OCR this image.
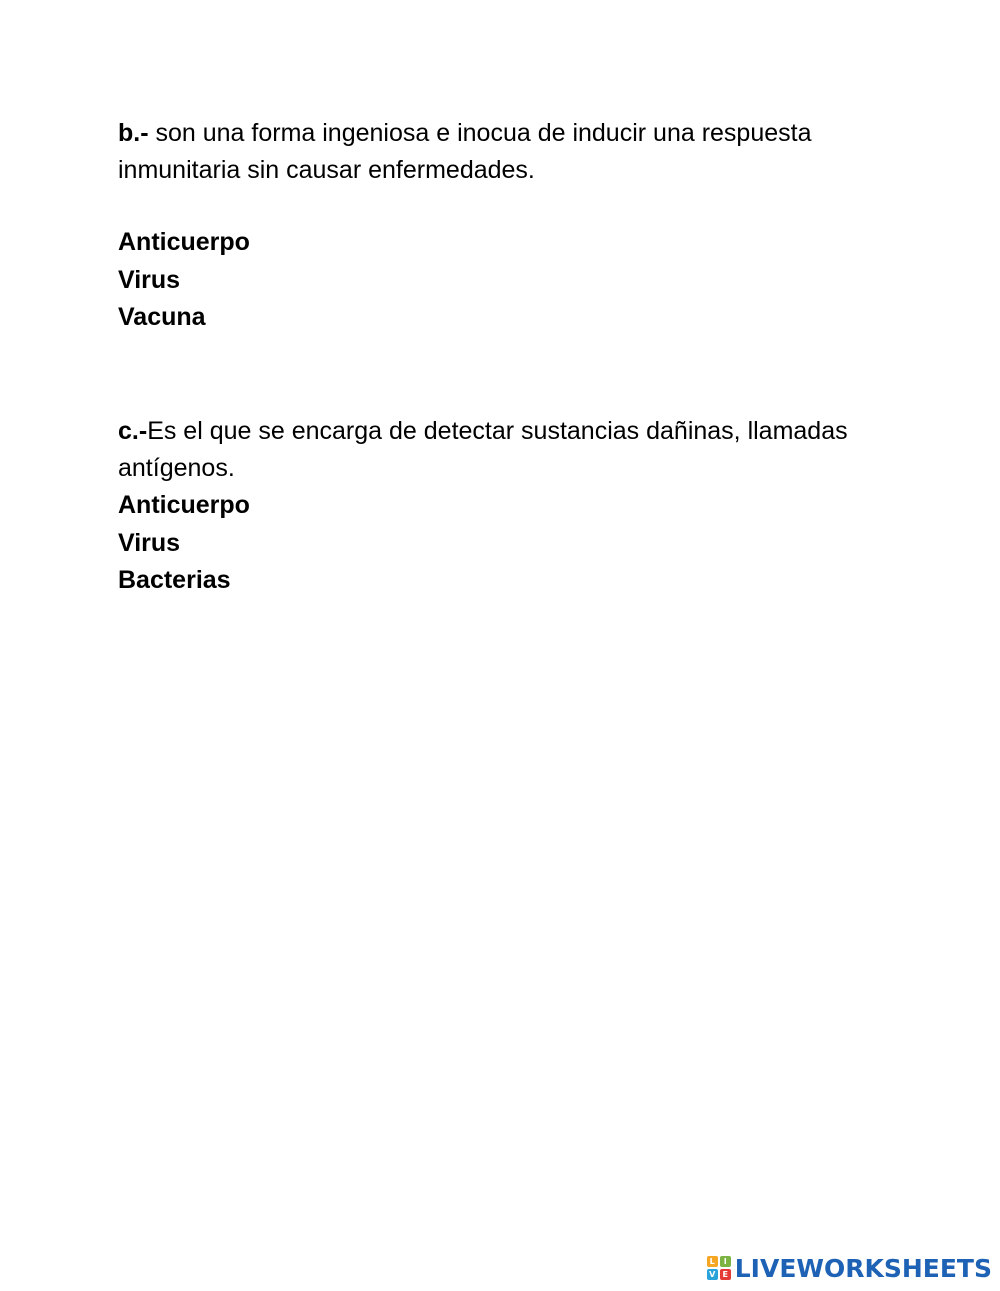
b.- son una forma ingeniosa e inocua de inducir una respuesta inmunitaria sin causar enfermedades.

Anticuerpo
Virus
Vacuna

c.-Es el que se encarga de detectar sustancias dañinas, llamadas antígenos.

Anticuerpo
Virus
Bacterias
L	I
V E LIVEWORKSHEETS
